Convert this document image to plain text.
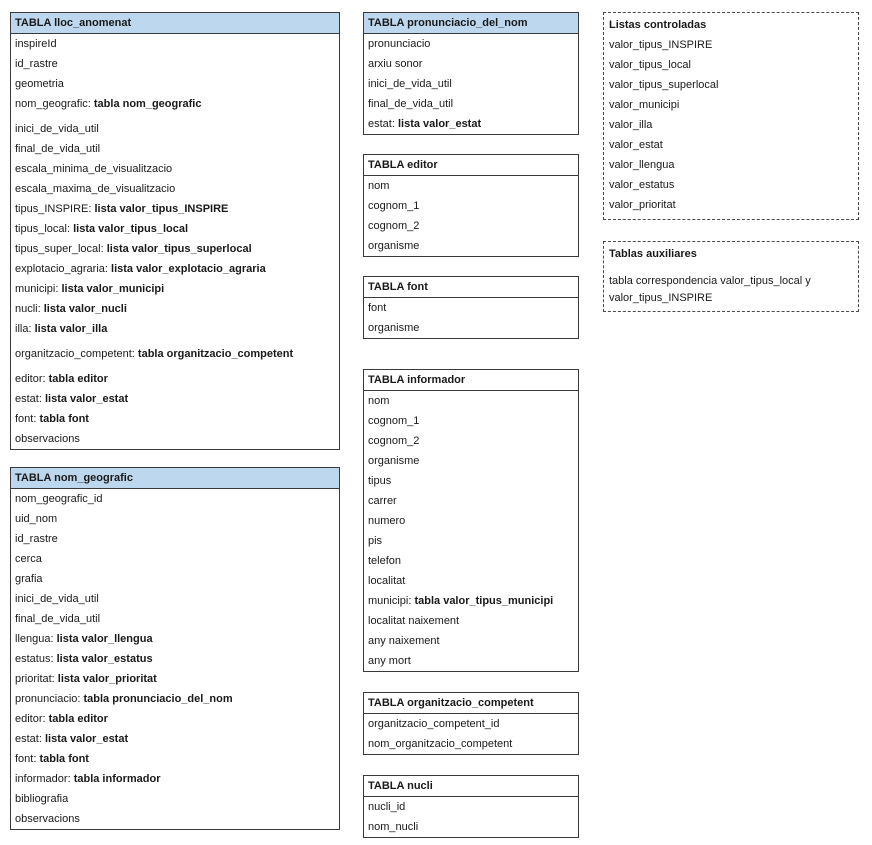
TABLA lloc_anomenat
inspireId
id_rastre
geometria
nom_geografic: tabla nom_geografic
inici_de_vida_util
final_de_vida_util
escala_minima_de_visualitzacio
escala_maxima_de_visualitzacio
tipus_INSPIRE: lista valor_tipus_INSPIRE
tipus_local: lista valor_tipus_local
tipus_super_local: lista valor_tipus_superlocal
explotacio_agraria: lista valor_explotacio_agraria
municipi: lista valor_municipi
nucli: lista valor_nucli
illa: lista valor_illa
organitzacio_competent: tabla organitzacio_competent
editor: tabla editor
estat: lista valor_estat
font: tabla font
observacions
TABLA nom_geografic
nom_geografic_id
uid_nom
id_rastre
cerca
grafia
inici_de_vida_util
final_de_vida_util
llengua: lista valor_llengua
estatus: lista valor_estatus
prioritat: lista valor_prioritat
pronunciacio: tabla pronunciacio_del_nom
editor: tabla editor
estat: lista valor_estat
font: tabla font
informador: tabla informador
bibliografia
observacions
TABLA pronunciacio_del_nom
pronunciacio
arxiu sonor
inici_de_vida_util
final_de_vida_util
estat: lista valor_estat
TABLA editor
nom
cognom_1
cognom_2
organisme
TABLA font
font
organisme
TABLA informador
nom
cognom_1
cognom_2
organisme
tipus
carrer
numero
pis
telefon
localitat
municipi: tabla valor_tipus_municipi
localitat naixement
any naixement
any mort
TABLA organitzacio_competent
organitzacio_competent_id
nom_organitzacio_competent
TABLA nucli
nucli_id
nom_nucli
Listas controladas
valor_tipus_INSPIRE
valor_tipus_local
valor_tipus_superlocal
valor_municipi
valor_illa
valor_estat
valor_llengua
valor_estatus
valor_prioritat
Tablas auxiliares
tabla correspondencia valor_tipus_local y valor_tipus_INSPIRE
